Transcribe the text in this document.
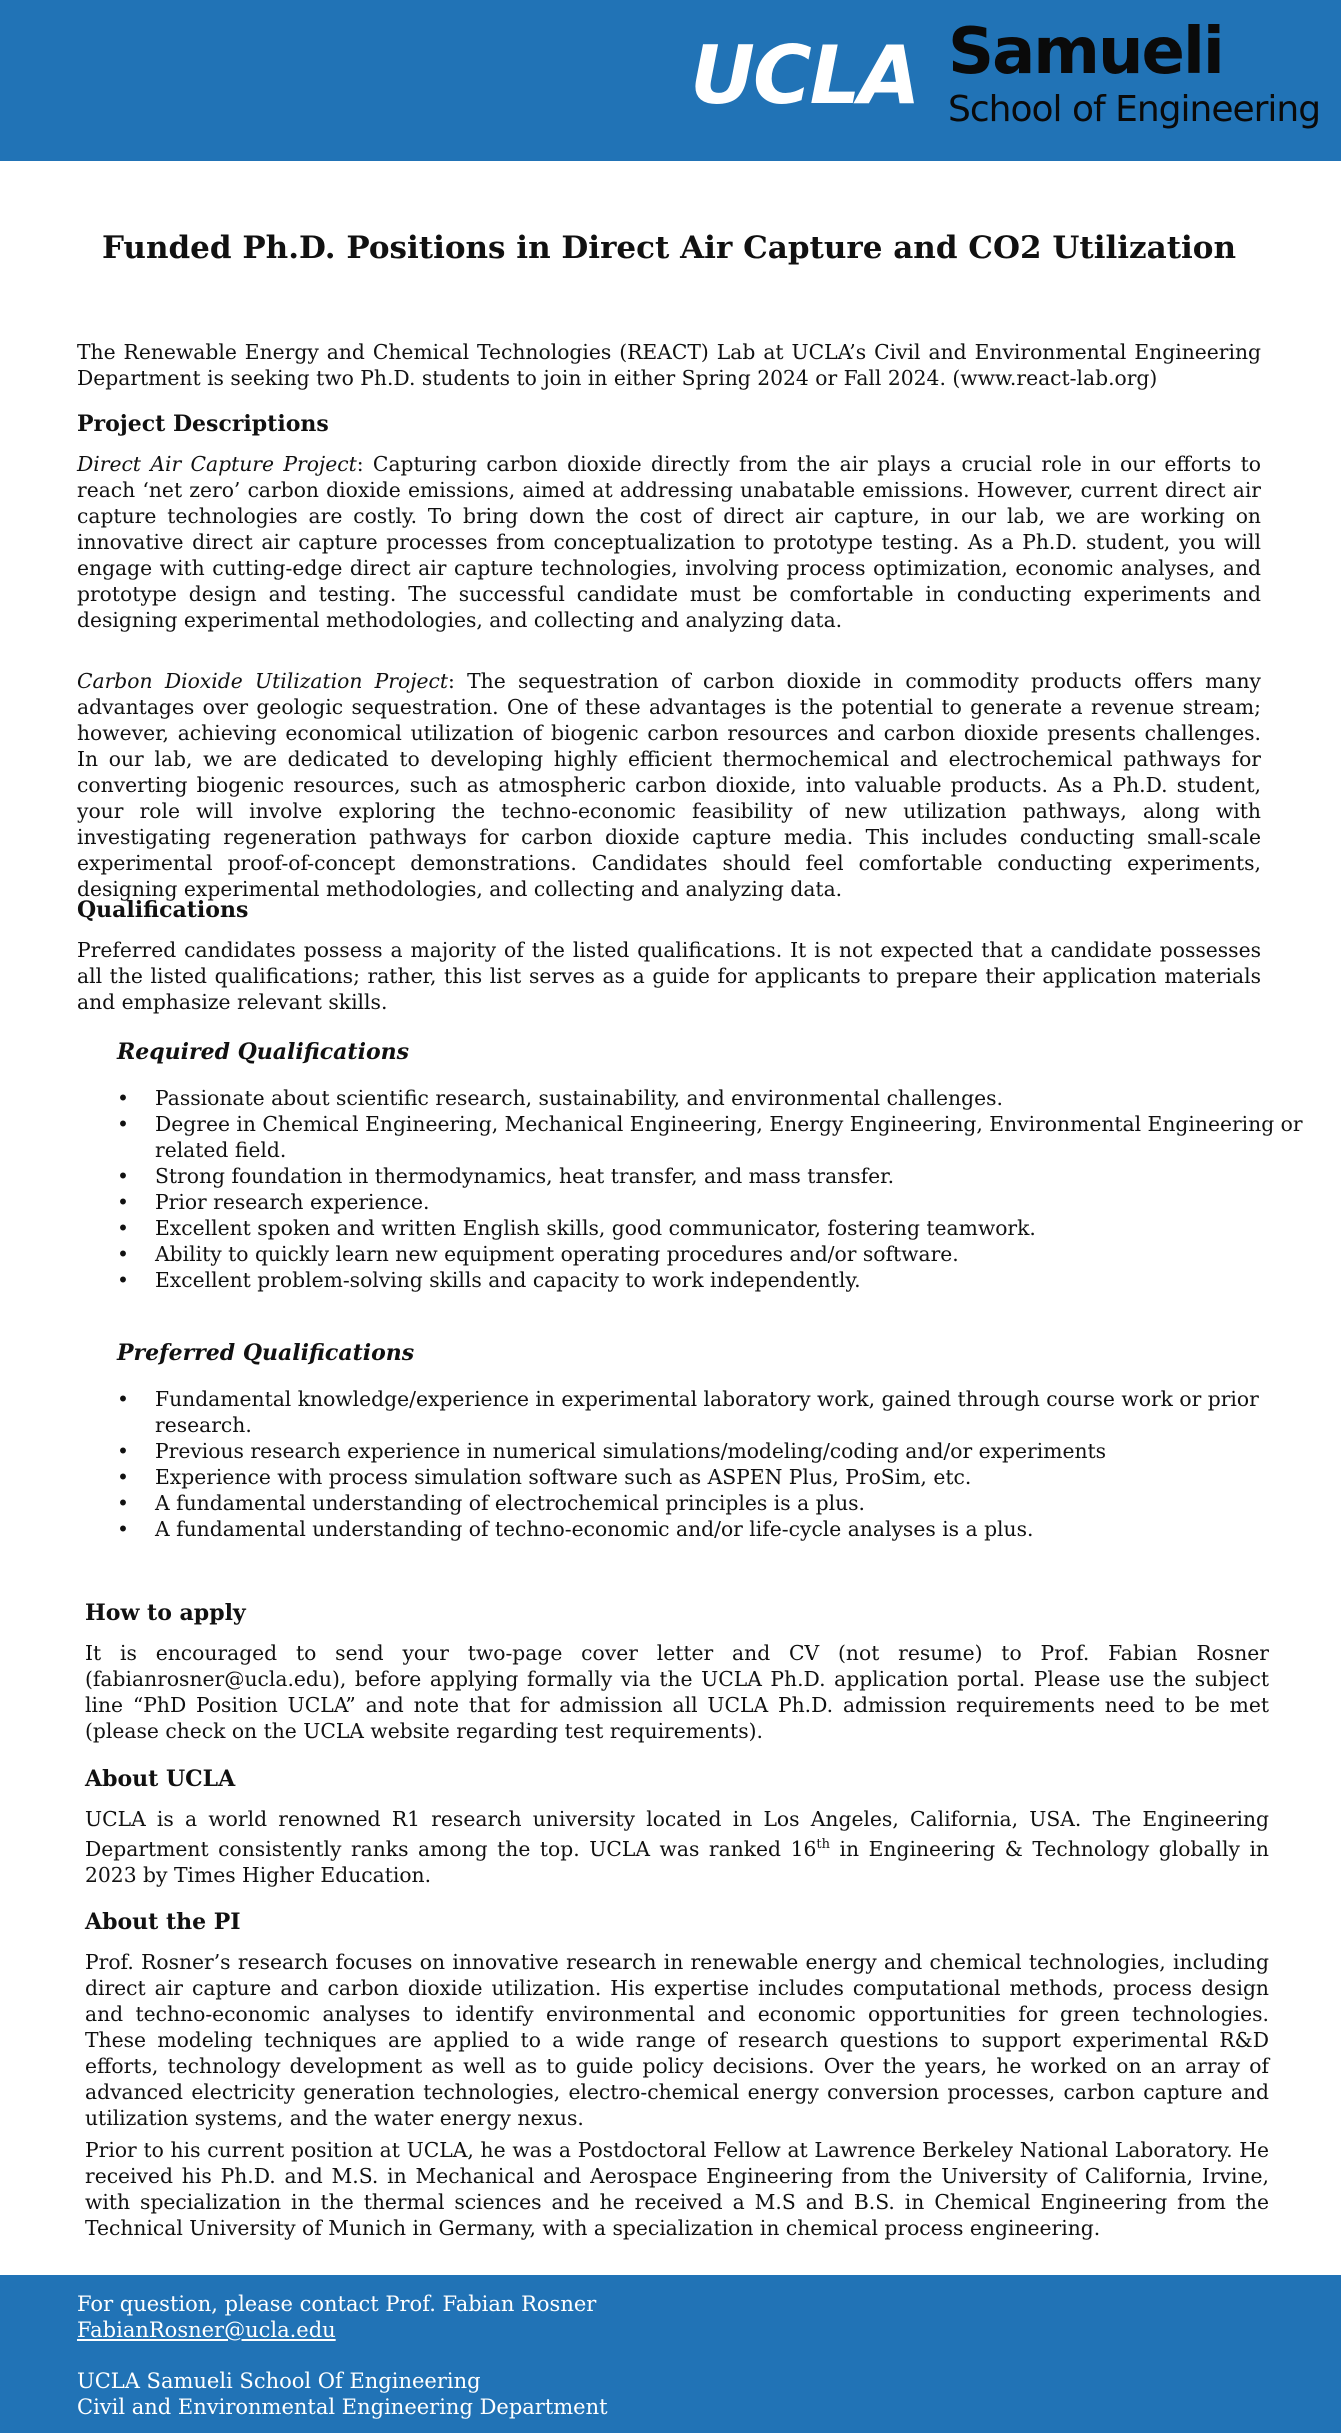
UCLA Samueli
School of Engineering
Funded Ph.D. Positions in Direct Air Capture and CO2 Utilization

The Renewable Energy and Chemical Technologies (REACT) Lab at UCLA’s Civil and Environmental Engineering Department is seeking two Ph.D. students to join in either Spring 2024 or Fall 2024. (www.react-lab.org)

Project Descriptions

Direct Air Capture Project: Capturing carbon dioxide directly from the air plays a crucial role in our efforts to reach ‘net zero’ carbon dioxide emissions, aimed at addressing unabatable emissions. However, current direct air capture technologies are costly. To bring down the cost of direct air capture, in our lab, we are working on innovative direct air capture processes from conceptualization to prototype testing. As a Ph.D. student, you will engage with cutting-edge direct air capture technologies, involving process optimization, economic analyses, and prototype design and testing. The successful candidate must be comfortable in conducting experiments and designing experimental methodologies, and collecting and analyzing data.

Carbon Dioxide Utilization Project: The sequestration of carbon dioxide in commodity products offers many advantages over geologic sequestration. One of these advantages is the potential to generate a revenue stream; however, achieving economical utilization of biogenic carbon resources and carbon dioxide presents challenges. In our lab, we are dedicated to developing highly efficient thermochemical and electrochemical pathways for converting biogenic resources, such as atmospheric carbon dioxide, into valuable products. As a Ph.D. student, your role will involve exploring the techno-economic feasibility of new utilization pathways, along with investigating regeneration pathways for carbon dioxide capture media. This includes conducting small-scale experimental proof-of-concept demonstrations. Candidates should feel comfortable conducting experiments, designing experimental methodologies, and collecting and analyzing data.

Qualifications

Preferred candidates possess a majority of the listed qualifications. It is not expected that a candidate possesses all the listed qualifications; rather, this list serves as a guide for applicants to prepare their application materials and emphasize relevant skills.

Required Qualifications
• Passionate about scientific research, sustainability, and environmental challenges.
• Degree in Chemical Engineering, Mechanical Engineering, Energy Engineering, Environmental Engineering or related field.
• Strong foundation in thermodynamics, heat transfer, and mass transfer.
• Prior research experience.
• Excellent spoken and written English skills, good communicator, fostering teamwork.
• Ability to quickly learn new equipment operating procedures and/or software.
• Excellent problem-solving skills and capacity to work independently.
Preferred Qualifications
• Fundamental knowledge/experience in experimental laboratory work, gained through course work or prior research.
• Previous research experience in numerical simulations/modeling/coding and/or experiments
• Experience with process simulation software such as ASPEN Plus, ProSim, etc.
• A fundamental understanding of electrochemical principles is a plus.
• A fundamental understanding of techno-economic and/or life-cycle analyses is a plus.
How to apply

It is encouraged to send your two-page cover letter and CV (not resume) to Prof. Fabian Rosner (fabianrosner@ucla.edu), before applying formally via the UCLA Ph.D. application portal. Please use the subject line “PhD Position UCLA” and note that for admission all UCLA Ph.D. admission requirements need to be met (please check on the UCLA website regarding test requirements).

About UCLA

UCLA is a world renowned R1 research university located in Los Angeles, California, USA. The Engineering Department consistently ranks among the top. UCLA was ranked 16th in Engineering & Technology globally in 2023 by Times Higher Education.

About the PI

Prof. Rosner’s research focuses on innovative research in renewable energy and chemical technologies, including direct air capture and carbon dioxide utilization. His expertise includes computational methods, process design and techno-economic analyses to identify environmental and economic opportunities for green technologies. These modeling techniques are applied to a wide range of research questions to support experimental R&D efforts, technology development as well as to guide policy decisions. Over the years, he worked on an array of advanced electricity generation technologies, electro-chemical energy conversion processes, carbon capture and utilization systems, and the water energy nexus.

Prior to his current position at UCLA, he was a Postdoctoral Fellow at Lawrence Berkeley National Laboratory. He received his Ph.D. and M.S. in Mechanical and Aerospace Engineering from the University of California, Irvine, with specialization in the thermal sciences and he received a M.S and B.S. in Chemical Engineering from the Technical University of Munich in Germany, with a specialization in chemical process engineering.

For question, please contact Prof. Fabian Rosner
FabianRosner@ucla.edu
UCLA Samueli School Of Engineering
Civil and Environmental Engineering Department
